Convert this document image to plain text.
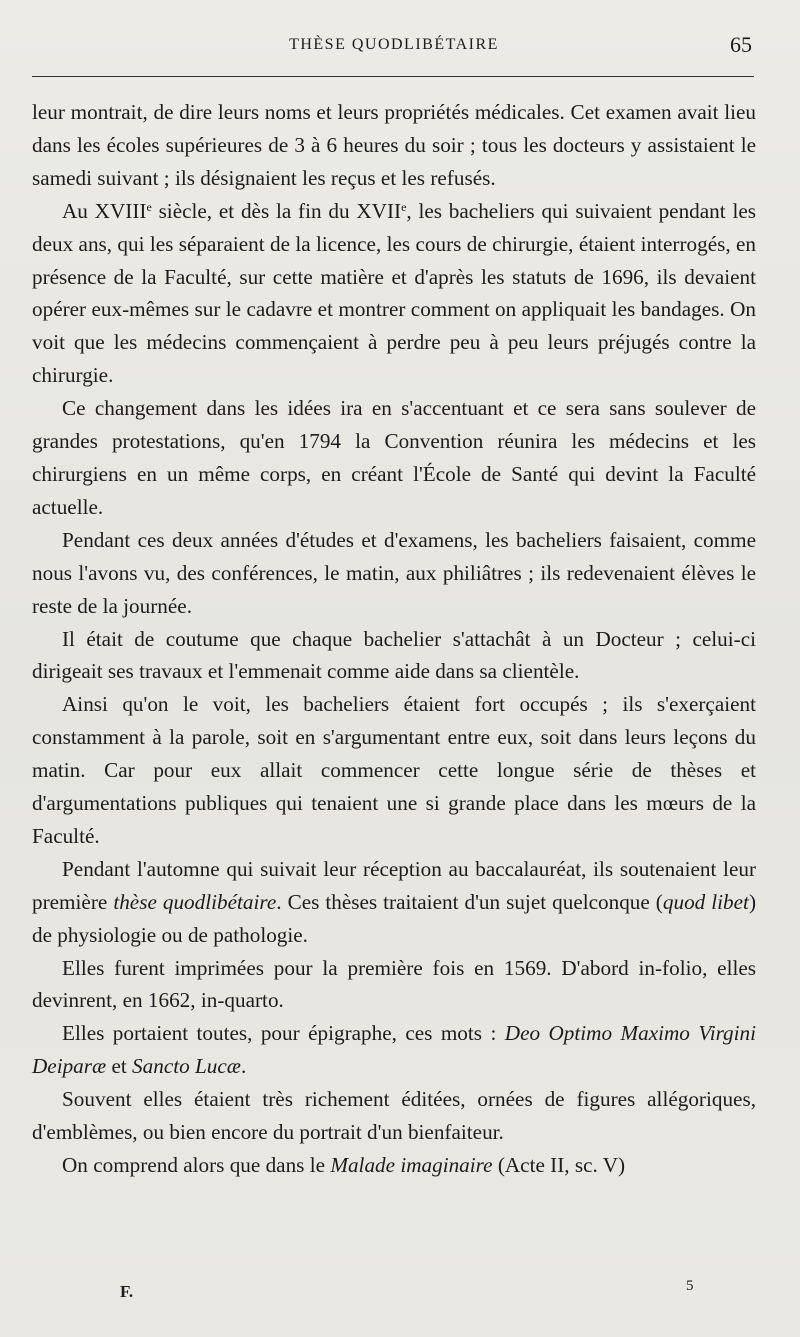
THÈSE QUODLIBÉTAIRE	65

leur montrait, de dire leurs noms et leurs propriétés médicales. Cet examen avait lieu dans les écoles supérieures de 3 à 6 heures du soir ; tous les docteurs y assistaient le samedi suivant ; ils désignaient les reçus et les refusés.

Au XVIIIe siècle, et dès la fin du XVIIe, les bacheliers qui suivaient pendant les deux ans, qui les séparaient de la licence, les cours de chirurgie, étaient interrogés, en présence de la Faculté, sur cette matière et d'après les statuts de 1696, ils devaient opérer eux-mêmes sur le cadavre et montrer comment on appliquait les bandages. On voit que les médecins commençaient à perdre peu à peu leurs préjugés contre la chirurgie.

Ce changement dans les idées ira en s'accentuant et ce sera sans soulever de grandes protestations, qu'en 1794 la Convention réunira les médecins et les chirurgiens en un même corps, en créant l'École de Santé qui devint la Faculté actuelle.

Pendant ces deux années d'études et d'examens, les bacheliers faisaient, comme nous l'avons vu, des conférences, le matin, aux philiâtres ; ils redevenaient élèves le reste de la journée.

Il était de coutume que chaque bachelier s'attachât à un Docteur ; celui-ci dirigeait ses travaux et l'emmenait comme aide dans sa clientèle.

Ainsi qu'on le voit, les bacheliers étaient fort occupés ; ils s'exerçaient constamment à la parole, soit en s'argumentant entre eux, soit dans leurs leçons du matin. Car pour eux allait commencer cette longue série de thèses et d'argumentations publiques qui tenaient une si grande place dans les mœurs de la Faculté.

Pendant l'automne qui suivait leur réception au baccalauréat, ils soutenaient leur première thèse quodlibétaire. Ces thèses traitaient d'un sujet quelconque (quod libet) de physiologie ou de pathologie.

Elles furent imprimées pour la première fois en 1569. D'abord in-folio, elles devinrent, en 1662, in-quarto.

Elles portaient toutes, pour épigraphe, ces mots : Deo Optimo Maximo Virgini Deiparæ et Sancto Lucæ.

Souvent elles étaient très richement éditées, ornées de figures allégoriques, d'emblèmes, ou bien encore du portrait d'un bienfaiteur.

On comprend alors que dans le Malade imaginaire (Acte II, sc. V)

F.	5
